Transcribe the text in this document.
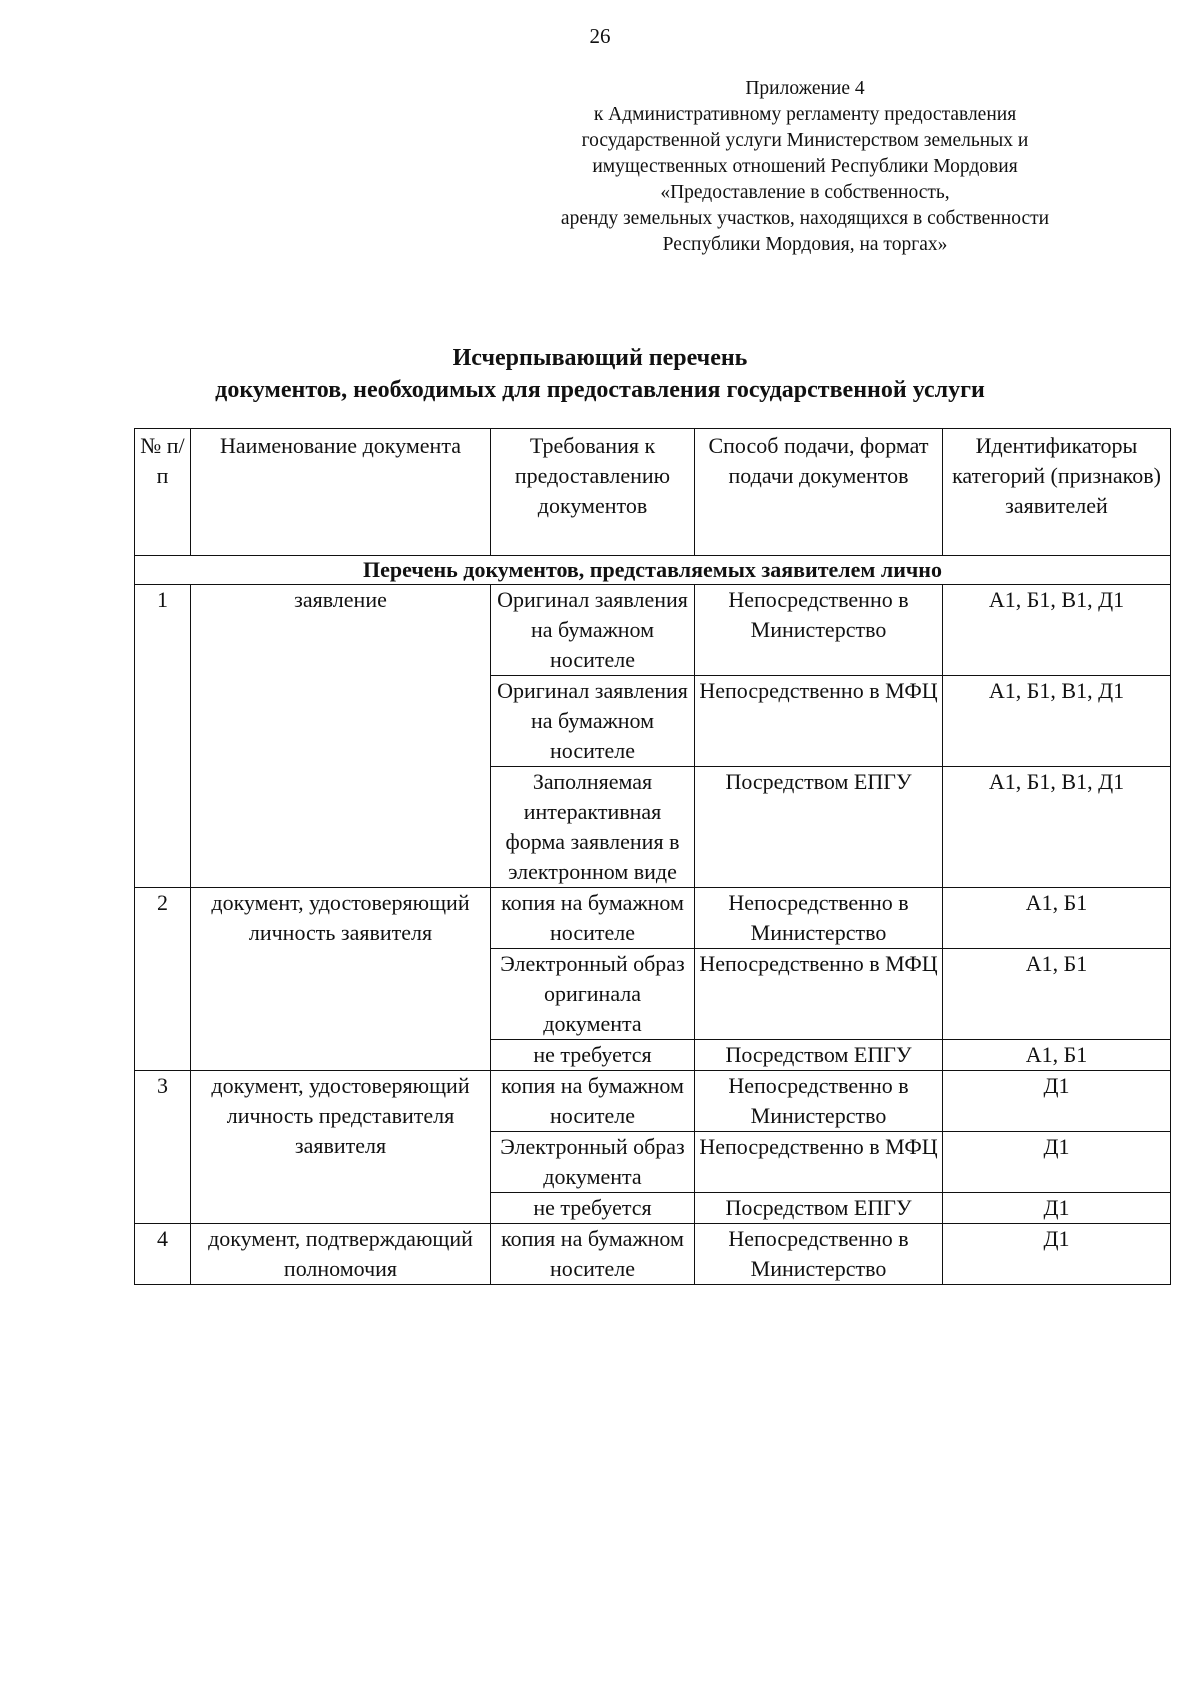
26
Приложение 4
к Административному регламенту предоставления
государственной услуги Министерством земельных и
имущественных отношений Республики Мордовия
«Предоставление в собственность,
аренду земельных участков, находящихся в собственности
Республики Мордовия, на торгах»
Исчерпывающий перечень
документов, необходимых для предоставления государственной услуги
№ п/п	Наименование документа	Требования к предоставлению документов	Способ подачи, формат подачи документов	Идентификаторы категорий (признаков) заявителей
Перечень документов, представляемых заявителем лично				
1	заявление	Оригинал заявления на бумажном носителе	Непосредственно в Министерство	А1, Б1, В1, Д1
		Оригинал заявления на бумажном носителе	Непосредственно в МФЦ	А1, Б1, В1, Д1
		Заполняемая интерактивная форма заявления в электронном виде	Посредством ЕПГУ	А1, Б1, В1, Д1
2	документ, удостоверяющий личность заявителя	копия на бумажном носителе	Непосредственно в Министерство	А1, Б1
		Электронный образ оригинала документа	Непосредственно в МФЦ	А1, Б1
		не требуется	Посредством ЕПГУ	А1, Б1
3	документ, удостоверяющий личность представителя заявителя	копия на бумажном носителе	Непосредственно в Министерство	Д1
		Электронный образ документа	Непосредственно в МФЦ	Д1
		не требуется	Посредством ЕПГУ	Д1
4	документ, подтверждающий полномочия	копия на бумажном носителе	Непосредственно в Министерство	Д1
